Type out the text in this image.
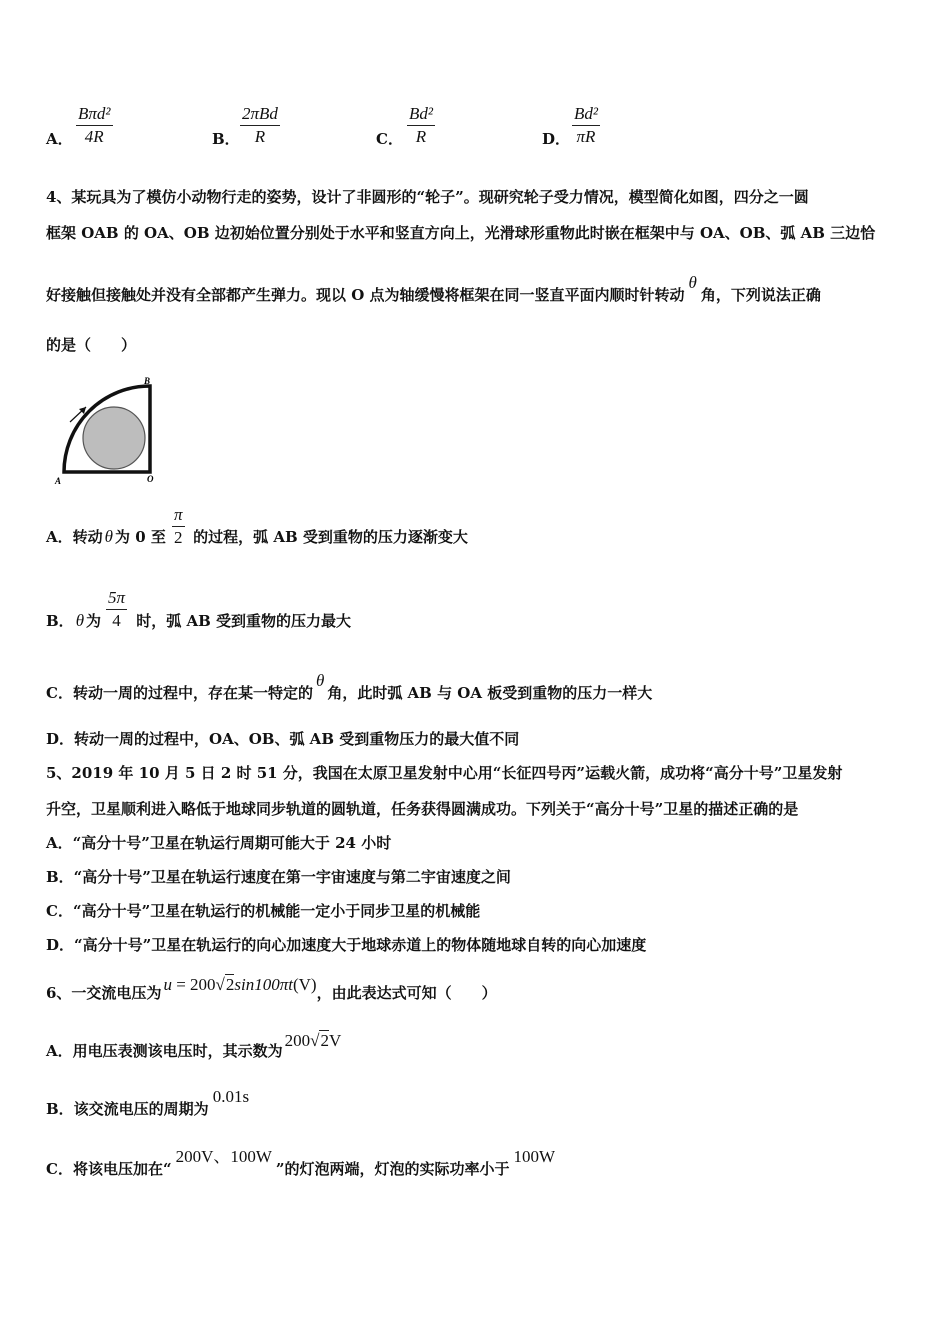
A．
Bπd²
4R	B．
2πBd
R	C．
Bd²
R	D．
Bd²
πR
4、某玩具为了模仿小动物行走的姿势，设计了非圆形的“轮子”。现研究轮子受力情况，模型简化如图，四分之一圆
框架 OAB 的 OA、OB 边初始位置分别处于水平和竖直方向上，光滑球形重物此时嵌在框架中与 OA、OB、弧 AB 三边恰
好接触但接触处并没有全部都产生弹力。现以 O 点为轴缓慢将框架在同一竖直平面内顺时针转动θ角，下列说法正确
的是（　　）
B
A	O
A．转动 θ 为 0 至 的过程，弧 AB 受到重物的压力逐渐变大
π
2
B． θ 为 时，弧 AB 受到重物的压力最大
5π
4
C．转动一周的过程中，存在某一特定的θ角，此时弧 AB 与 OA 板受到重物的压力一样大
D．转动一周的过程中，OA、OB、弧 AB 受到重物压力的最大值不同
5、2019 年 10 月 5 日 2 时 51 分，我国在太原卫星发射中心用“长征四号丙”运载火箭，成功将“高分十号”卫星发射
升空，卫星顺利进入略低于地球同步轨道的圆轨道，任务获得圆满成功。下列关于“高分十号”卫星的描述正确的是
A．“高分十号”卫星在轨运行周期可能大于 24 小时
B．“高分十号”卫星在轨运行速度在第一宇宙速度与第二宇宙速度之间
C．“高分十号”卫星在轨运行的机械能一定小于同步卫星的机械能
D．“高分十号”卫星在轨运行的向心加速度大于地球赤道上的物体随地球自转的向心加速度
6、一交流电压为 u = 200√2sin100πt(V)，由此表达式可知（　　）
A．用电压表测该电压时，其示数为200√2V
B．该交流电压的周期为0.01s
C．将该电压加在“200V、100W”的灯泡两端，灯泡的实际功率小于100W
